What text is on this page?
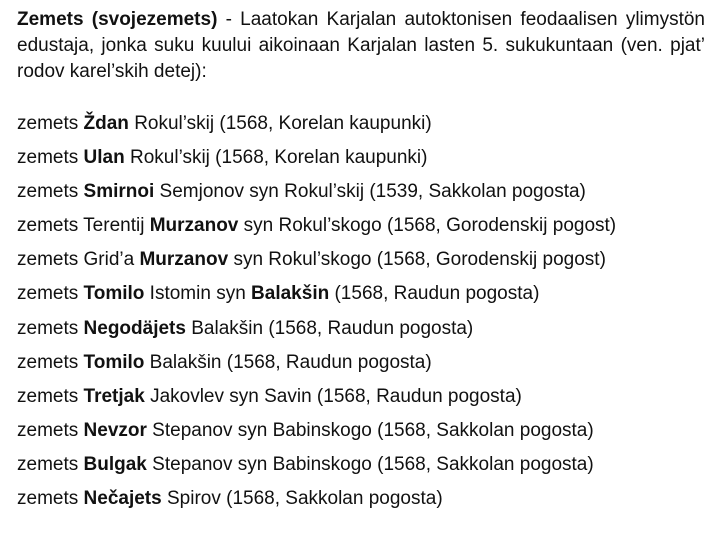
Zemets (svojezemets) - Laatokan Karjalan autoktonisen feodaalisen ylimystön edustaja, jonka suku kuului aikoinaan Karjalan lasten 5. sukukuntaan (ven. pjat’ rodov karel’skih detej):

zemets Ždan Rokul’skij (1568, Korelan kaupunki)
zemets Ulan Rokul’skij (1568, Korelan kaupunki)
zemets Smirnoi Semjonov syn Rokul’skij (1539, Sakkolan pogosta)
zemets Terentij Murzanov syn Rokul’skogo (1568, Gorodenskij pogost)
zemets Grid’a Murzanov syn Rokul’skogo (1568, Gorodenskij pogost)
zemets Tomilo Istomin syn Balakšin (1568, Raudun pogosta)
zemets Negodäjets Balakšin (1568, Raudun pogosta)
zemets Tomilo Balakšin (1568, Raudun pogosta)
zemets Tretjak Jakovlev syn Savin (1568, Raudun pogosta)
zemets Nevzor Stepanov syn Babinskogo (1568, Sakkolan pogosta)
zemets Bulgak Stepanov syn Babinskogo (1568, Sakkolan pogosta)
zemets Nečajets Spirov (1568, Sakkolan pogosta)
